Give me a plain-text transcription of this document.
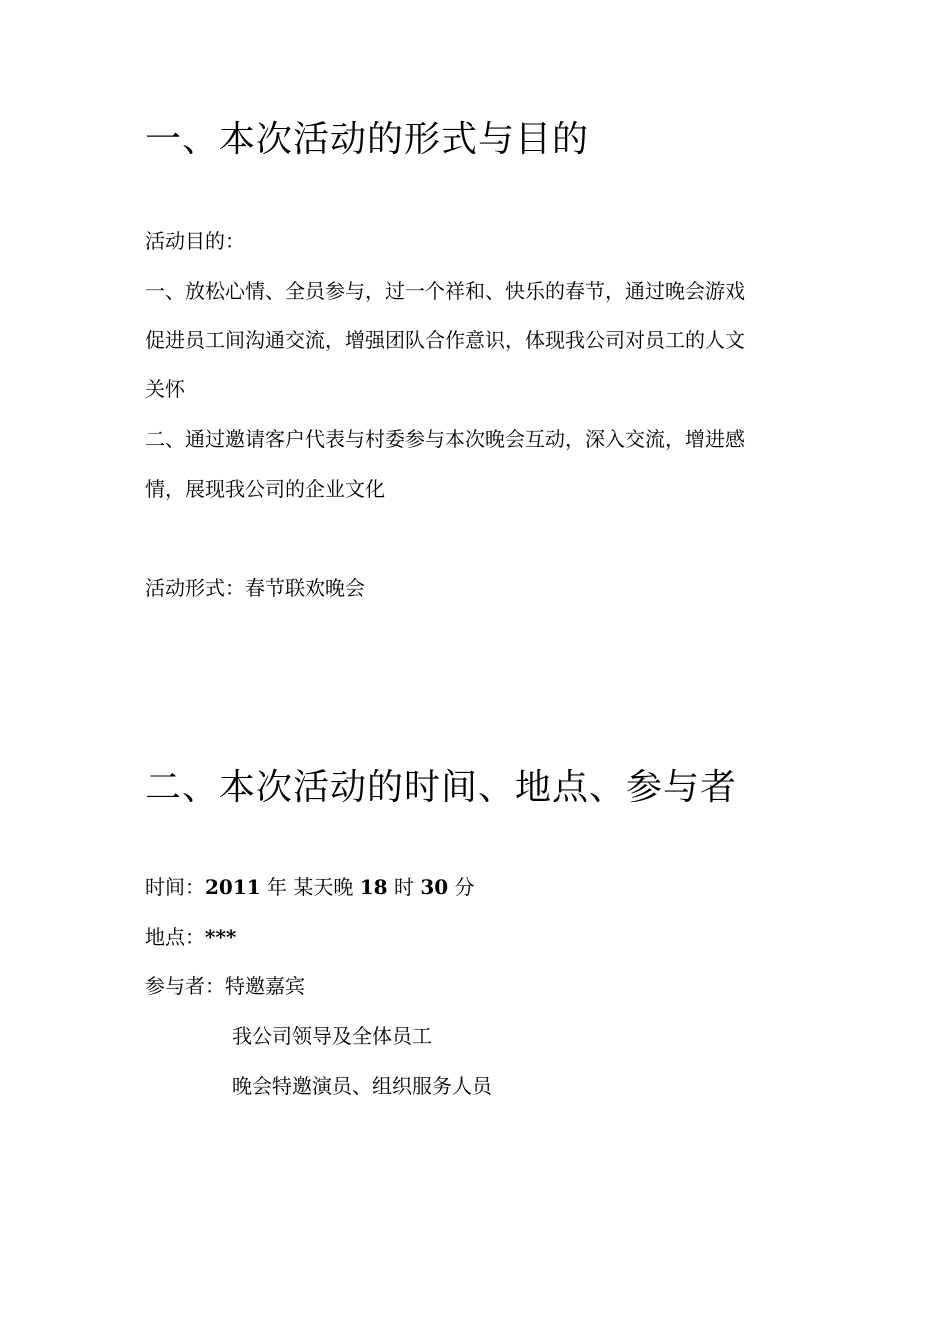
一、本次活动的形式与目的

活动目的：

一、放松心情、全员参与，过一个祥和、快乐的春节，通过晚会游戏

促进员工间沟通交流，增强团队合作意识，体现我公司对员工的人文

关怀

二、通过邀请客户代表与村委参与本次晚会互动，深入交流，增进感

情，展现我公司的企业文化

活动形式：春节联欢晚会

二、本次活动的时间、地点、参与者

时间：2011 年 某天晚 18 时 30 分

地点：***

参与者：特邀嘉宾

我公司领导及全体员工

晚会特邀演员、组织服务人员
